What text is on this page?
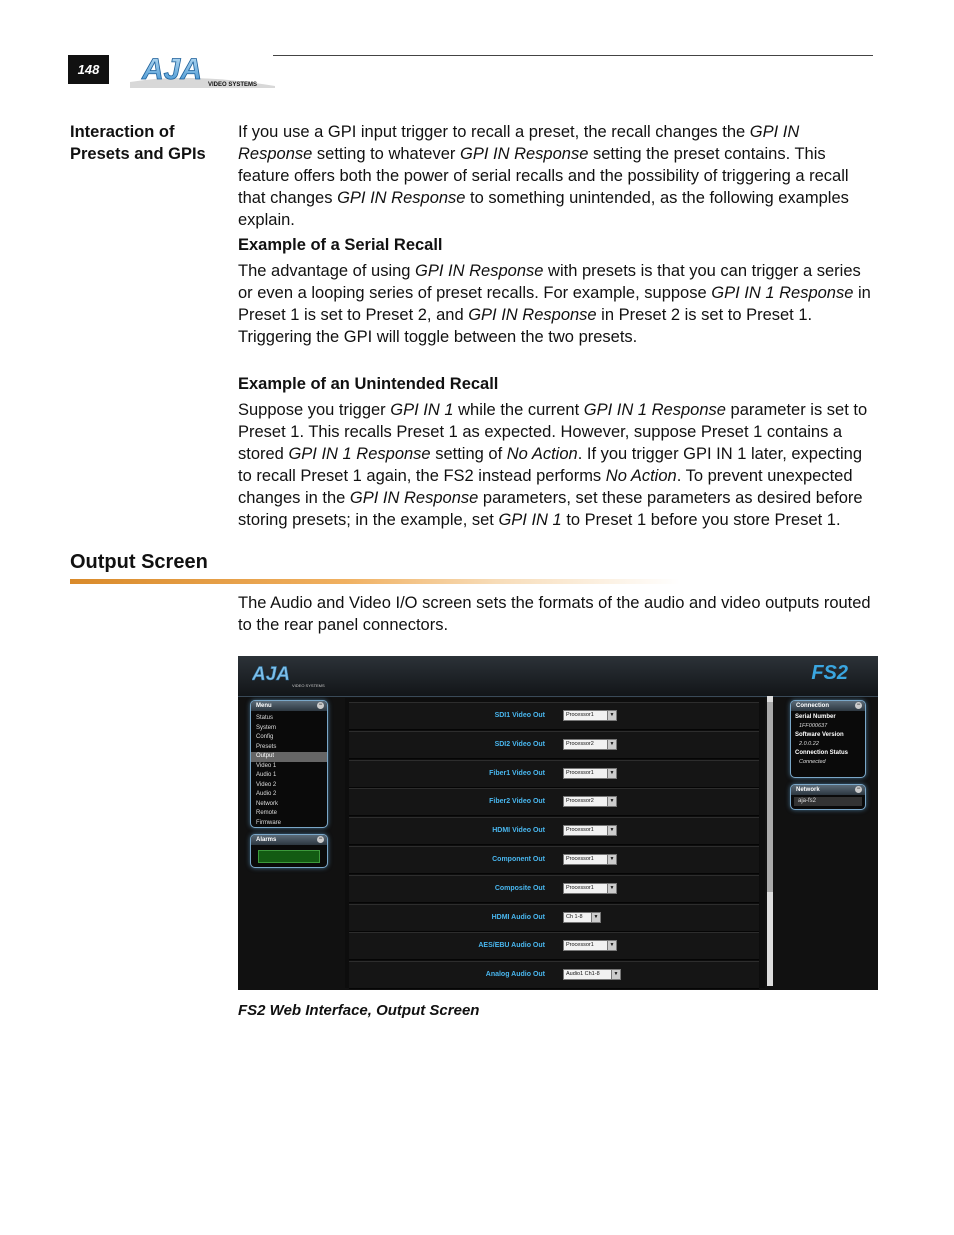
148	AJA VIDEO SYSTEMS
Interaction of Presets and GPIs

If you use a GPI input trigger to recall a preset, the recall changes the GPI IN Response setting to whatever GPI IN Response setting the preset contains. This feature offers both the power of serial recalls and the possibility of triggering a recall that changes GPI IN Response to something unintended, as the following examples explain.

Example of a Serial Recall

The advantage of using GPI IN Response with presets is that you can trigger a series or even a looping series of preset recalls. For example, suppose GPI IN 1 Response in Preset 1 is set to Preset 2, and GPI IN Response in Preset 2 is set to Preset 1. Triggering the GPI will toggle between the two presets.

Example of an Unintended Recall

Suppose you trigger GPI IN 1 while the current GPI IN 1 Response parameter is set to Preset 1. This recalls Preset 1 as expected. However, suppose Preset 1 contains a stored GPI IN 1 Response setting of No Action. If you trigger GPI IN 1 later, expecting to recall Preset 1 again, the FS2 instead performs No Action. To prevent unexpected changes in the GPI IN Response parameters, set these parameters as desired before storing presets; in the example, set GPI IN 1 to Preset 1 before you store Preset 1.

Output Screen

The Audio and Video I/O screen sets the formats of the audio and video outputs routed to the rear panel connectors.

AJA
VIDEO SYSTEMS
FS2
Menu	−
Status
System
Config
Presets
Output
Video 1
Audio 1
Video 2
Audio 2
Network
Remote
Firmware
Alarms	−
SDI1 Video Out	Processor1	▼
SDI2 Video Out	Processor2	▼
Fiber1 Video Out	Processor1	▼
Fiber2 Video Out	Processor2	▼
HDMI Video Out	Processor1	▼
Component Out	Processor1	▼
Composite Out	Processor1	▼
HDMI Audio Out	Ch 1-8	▼
AES/EBU Audio Out	Processor1	▼
Analog Audio Out	Audio1 Ch1-8	▼
Connection	−
Serial Number
1FF000637
Software Version
2.0.0.22
Connection Status
Connected
Network	−
aja-fs2
FS2 Web Interface, Output Screen
